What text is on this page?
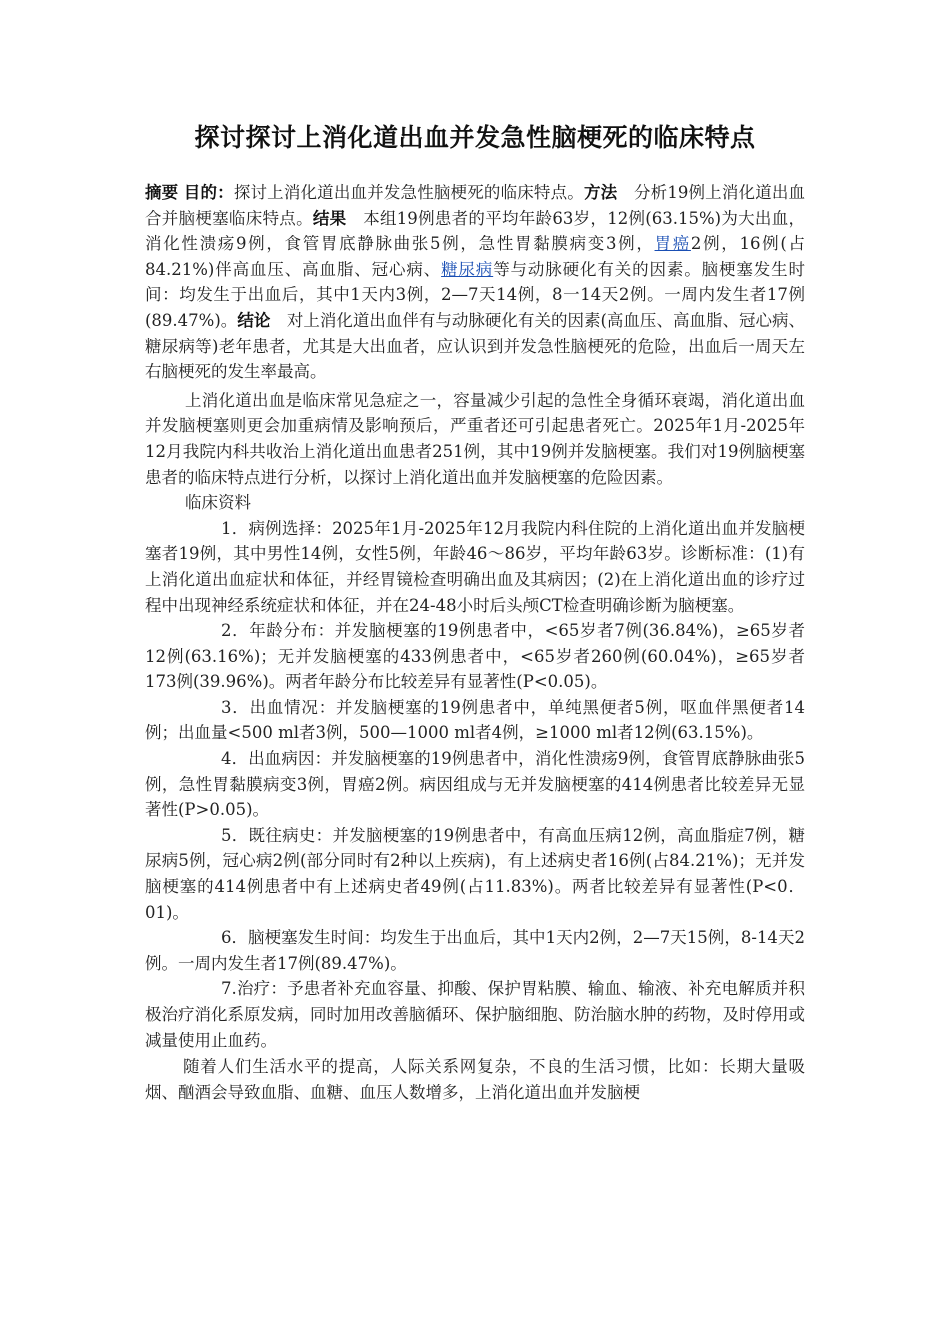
探讨探讨上消化道出血并发急性脑梗死的临床特点

摘要 目的：探讨上消化道出血并发急性脑梗死的临床特点。方法　分析19例上消化道出血合并脑梗塞临床特点。结果　本组19例患者的平均年龄63岁，12例(63.15%)为大出血，消化性溃疡9例，食管胃底静脉曲张5例，急性胃黏膜病变3例，胃癌2例，16例(占84.21%)伴高血压、高血脂、冠心病、糖尿病等与动脉硬化有关的因素。脑梗塞发生时间：均发生于出血后，其中1天内3例，2—7天14例，8一14天2例。一周内发生者17例(89.47%)。结论　对上消化道出血伴有与动脉硬化有关的因素(高血压、高血脂、冠心病、糖尿病等)老年患者，尤其是大出血者，应认识到并发急性脑梗死的危险，出血后一周天左右脑梗死的发生率最高。

上消化道出血是临床常见急症之一，容量减少引起的急性全身循环衰竭，消化道出血并发脑梗塞则更会加重病情及影响预后，严重者还可引起患者死亡。2025年1月-2025年12月我院内科共收治上消化道出血患者251例，其中19例并发脑梗塞。我们对19例脑梗塞患者的临床特点进行分析，以探讨上消化道出血并发脑梗塞的危险因素。

临床资料

1．病例选择：2025年1月-2025年12月我院内科住院的上消化道出血并发脑梗塞者19例，其中男性14例，女性5例，年龄46～86岁，平均年龄63岁。诊断标准：(1)有上消化道出血症状和体征，并经胃镜检查明确出血及其病因；(2)在上消化道出血的诊疗过程中出现神经系统症状和体征，并在24-48小时后头颅CT检查明确诊断为脑梗塞。

2．年龄分布：并发脑梗塞的19例患者中，<65岁者7例(36.84%)，≥65岁者12例(63.16%)；无并发脑梗塞的433例患者中，<65岁者260例(60.04%)，≥65岁者173例(39.96%)。两者年龄分布比较差异有显著性(P<0.05)。

3．出血情况：并发脑梗塞的19例患者中，单纯黑便者5例，呕血伴黑便者14例；出血量<500 ml者3例，500—1000 ml者4例，≥1000 ml者12例(63.15%)。

4．出血病因：并发脑梗塞的19例患者中，消化性溃疡9例，食管胃底静脉曲张5例，急性胃黏膜病变3例，胃癌2例。病因组成与无并发脑梗塞的414例患者比较差异无显著性(P>0.05)。

5．既往病史：并发脑梗塞的19例患者中，有高血压病12例，高血脂症7例，糖尿病5例，冠心病2例(部分同时有2种以上疾病)，有上述病史者16例(占84.21%)；无并发脑梗塞的414例患者中有上述病史者49例(占11.83%)。两者比较差异有显著性(P<0．01)。

6．脑梗塞发生时间：均发生于出血后，其中1天内2例，2—7天15例，8-14天2例。一周内发生者17例(89.47%)。

7.治疗：予患者补充血容量、抑酸、保护胃粘膜、输血、输液、补充电解质并积极治疗消化系原发病，同时加用改善脑循环、保护脑细胞、防治脑水肿的药物，及时停用或减量使用止血药。

随着人们生活水平的提高，人际关系网复杂，不良的生活习惯，比如：长期大量吸烟、酗酒会导致血脂、血糖、血压人数增多，上消化道出血并发脑梗
